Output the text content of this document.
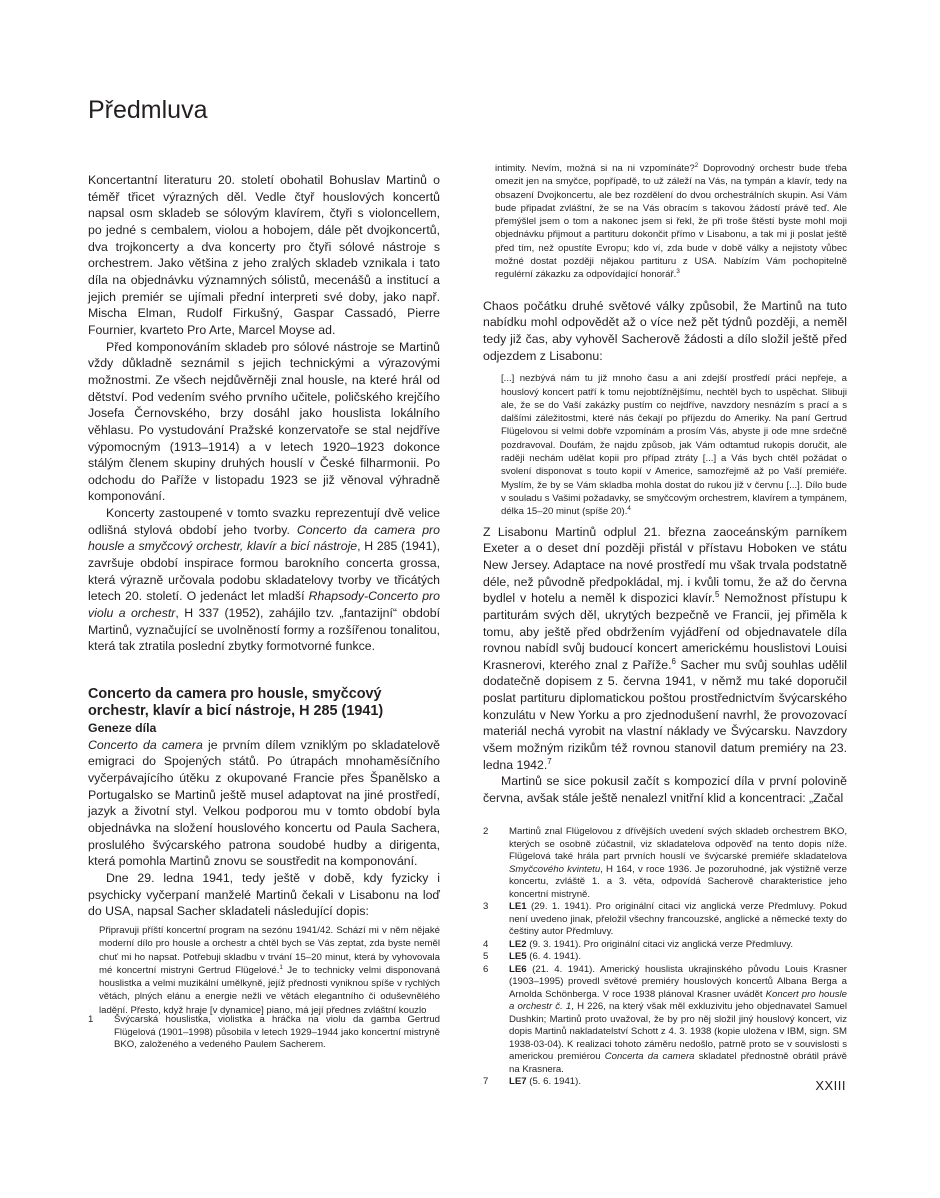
Předmluva

Koncertantní literaturu 20. století obohatil Bohuslav Martinů o téměř třicet výrazných děl. Vedle čtyř houslových koncertů napsal osm skladeb se sólovým klavírem, čtyři s violoncellem, po jedné s cembalem, violou a hobojem, dále pět dvojkoncertů, dva trojkoncerty a dva koncerty pro čtyři sólové nástroje s orchestrem. Jako většina z jeho zralých skladeb vznikala i tato díla na objednávku významných sólistů, mecenášů a institucí a jejich premiér se ujímali přední interpreti své doby, jako např. Mischa Elman, Rudolf Firkušný, Gaspar Cassadó, Pierre Fournier, kvarteto Pro Arte, Marcel Moyse ad.

Před komponováním skladeb pro sólové nástroje se Martinů vždy důkladně seznámil s jejich technickými a výrazovými možnostmi. Ze všech nejdůvěrněji znal housle, na které hrál od dětství. Pod vedením svého prvního učitele, poličského krejčího Josefa Černovského, brzy dosáhl jako houslista lokálního věhlasu. Po vystudování Pražské konzervatoře se stal nejdříve výpomocným (1913–1914) a v letech 1920–1923 dokonce stálým členem skupiny druhých houslí v České filharmonii. Po odchodu do Paříže v listopadu 1923 se již věnoval výhradně komponování.

Koncerty zastoupené v tomto svazku reprezentují dvě velice odlišná stylová období jeho tvorby. Concerto da camera pro housle a smyčcový orchestr, klavír a bicí nástroje, H 285 (1941), završuje období inspirace formou barokního concerta grossa, která výrazně určovala podobu skladatelovy tvorby ve třicátých letech 20. století. O jedenáct let mladší Rhapsody-Concerto pro violu a orchestr, H 337 (1952), zahájilo tzv. „fantazijní“ období Martinů, vyznačující se uvolněností formy a rozšířenou tonalitou, která tak ztratila poslední zbytky formotvorné funkce.

Concerto da camera pro housle, smyčcový orchestr, klavír a bicí nástroje, H 285 (1941)

Geneze díla

Concerto da camera je prvním dílem vzniklým po skladatelově emigraci do Spojených států. Po útrapách mnohaměsíčního vyčerpávajícího útěku z okupované Francie přes Španělsko a Portugalsko se Martinů ještě musel adaptovat na jiné prostředí, jazyk a životní styl. Velkou podporou mu v tomto období byla objednávka na složení houslového koncertu od Paula Sachera, proslulého švýcarského patrona soudobé hudby a dirigenta, která pomohla Martinů znovu se soustředit na komponování.

Dne 29. ledna 1941, tedy ještě v době, kdy fyzicky i psychicky vyčerpaní manželé Martinů čekali v Lisabonu na loď do USA, napsal Sacher skladateli následující dopis:

Připravuji příští koncertní program na sezónu 1941/42. Schází mi v něm nějaké moderní dílo pro housle a orchestr a chtěl bych se Vás zeptat, zda byste neměl chuť mi ho napsat. Potřebuji skladbu v trvání 15–20 minut, která by vyhovovala mé koncertní mistryni Gertrud Flügelové.$^1$ Je to technicky velmi disponovaná houslistka a velmi muzikální umělkyně, jejíž přednosti vyniknou spíše v rychlých větách, plných elánu a energie nežli ve větách elegantního či oduševnělého ladění. Přesto, když hraje [v dynamice] piano, má její přednes zvláštní kouzlo

intimity. Nevím, možná si na ni vzpomínáte?$^2$ Doprovodný orchestr bude třeba omezit jen na smyčce, popřípadě, to už záleží na Vás, na tympán a klavír, tedy na obsazení Dvojkoncertu, ale bez rozdělení do dvou orchestrálních skupin. Asi Vám bude připadat zvláštní, že se na Vás obracím s takovou žádostí právě teď. Ale přemýšlel jsem o tom a nakonec jsem si řekl, že při troše štěstí byste mohl moji objednávku přijmout a partituru dokončit přímo v Lisabonu, a tak mi ji poslat ještě před tím, než opustíte Evropu; kdo ví, zda bude v době války a nejistoty vůbec možné dostat později nějakou partituru z USA. Nabízím Vám pochopitelně regulérní zákazku za odpovídající honorář.$^3$

Chaos počátku druhé světové války způsobil, že Martinů na tuto nabídku mohl odpovědět až o více než pět týdnů později, a neměl tedy již čas, aby vyhověl Sacherově žádosti a dílo složil ještě před odjezdem z Lisabonu:

[...] nezbývá nám tu již mnoho času a ani zdejší prostředí práci nepřeje, a houslový koncert patří k tomu nejobtížnějšímu, nechtěl bych to uspěchat. Slibuji ale, že se do Vaší zakázky pustím co nejdříve, navzdory nesnázím s prací a s dalšími záležitostmi, které nás čekají po příjezdu do Ameriky. Na paní Gertrud Flügelovou si velmi dobře vzpomínám a prosím Vás, abyste ji ode mne srdečně pozdravoval. Doufám, že najdu způsob, jak Vám odtamtud rukopis doručit, ale raději nechám udělat kopii pro případ ztráty [...] a Vás bych chtěl požádat o svolení disponovat s touto kopií v Americe, samozřejmě až po Vaší premiéře. Myslím, že by se Vám skladba mohla dostat do rukou již v červnu [...]. Dílo bude v souladu s Vašimi požadavky, se smyčcovým orchestrem, klavírem a tympánem, délka 15–20 minut (spíše 20).$^4$

Z Lisabonu Martinů odplul 21. března zaoceánským parníkem Exeter a o deset dní později přistál v přístavu Hoboken ve státu New Jersey. Adaptace na nové prostředí mu však trvala podstatně déle, než původně předpokládal, mj. i kvůli tomu, že až do června bydlel v hotelu a neměl k dispozici klavír.$^5$ Nemožnost přístupu k partiturám svých děl, ukrytých bezpečně ve Francii, jej přiměla k tomu, aby ještě před obdržením vyjádření od objednavatele díla rovnou nabídl svůj budoucí koncert americkému houslistovi Louisi Krasnerovi, kterého znal z Paříže.$^6$ Sacher mu svůj souhlas udělil dodatečně dopisem z 5. června 1941, v němž mu také doporučil poslat partituru diplomatickou poštou prostřednictvím švýcarského konzulátu v New Yorku a pro zjednodušení navrhl, že provozovací materiál nechá vyrobit na vlastní náklady ve Švýcarsku. Navzdory všem možným rizikům též rovnou stanovil datum premiéry na 23. ledna 1942.$^7$

Martinů se sice pokusil začít s kompozicí díla v první polovině června, avšak stále ještě nenalezl vnitřní klid a koncentraci: „Začal

1	Švýcarská houslistka, violistka a hráčka na violu da gamba Gertrud Flügelová (1901–1998) působila v letech 1929–1944 jako koncertní mistryně BKO, založeného a vedeného Paulem Sacherem.
2	Martinů znal Flügelovou z dřívějších uvedení svých skladeb orchestrem BKO, kterých se osobně zúčastnil, viz skladatelova odpověď na tento dopis níže. Flügelová také hrála part prvních houslí ve švýcarské premiéře skladatelova Smyčcového kvintetu, H 164, v roce 1936. Je pozoruhodné, jak výstižně verze koncertu, zvláště 1. a 3. věta, odpovídá Sacherově charakteristice jeho koncertní mistryně.
3	LE1 (29. 1. 1941). Pro originální citaci viz anglická verze Předmluvy. Pokud není uvedeno jinak, přeložil všechny francouzské, anglické a německé texty do češtiny autor Předmluvy.
4	LE2 (9. 3. 1941). Pro originální citaci viz anglická verze Předmluvy.
5	LE5 (6. 4. 1941).
6	LE6 (21. 4. 1941). Americký houslista ukrajinského původu Louis Krasner (1903–1995) provedl světové premiéry houslových koncertů Albana Berga a Arnolda Schönberga. V roce 1938 plánoval Krasner uvádět Koncert pro housle a orchestr č. 1, H 226, na který však měl exkluzivitu jeho objednavatel Samuel Dushkin; Martinů proto uvažoval, že by pro něj složil jiný houslový koncert, viz dopis Martinů nakladatelství Schott z 4. 3. 1938 (kopie uložena v IBM, sign. SM 1938-03-04). K realizaci tohoto záměru nedošlo, patrně proto se v souvislosti s americkou premiérou Concerta da camera skladatel přednostně obrátil právě na Krasnera.
7	LE7 (5. 6. 1941).	XXIII
